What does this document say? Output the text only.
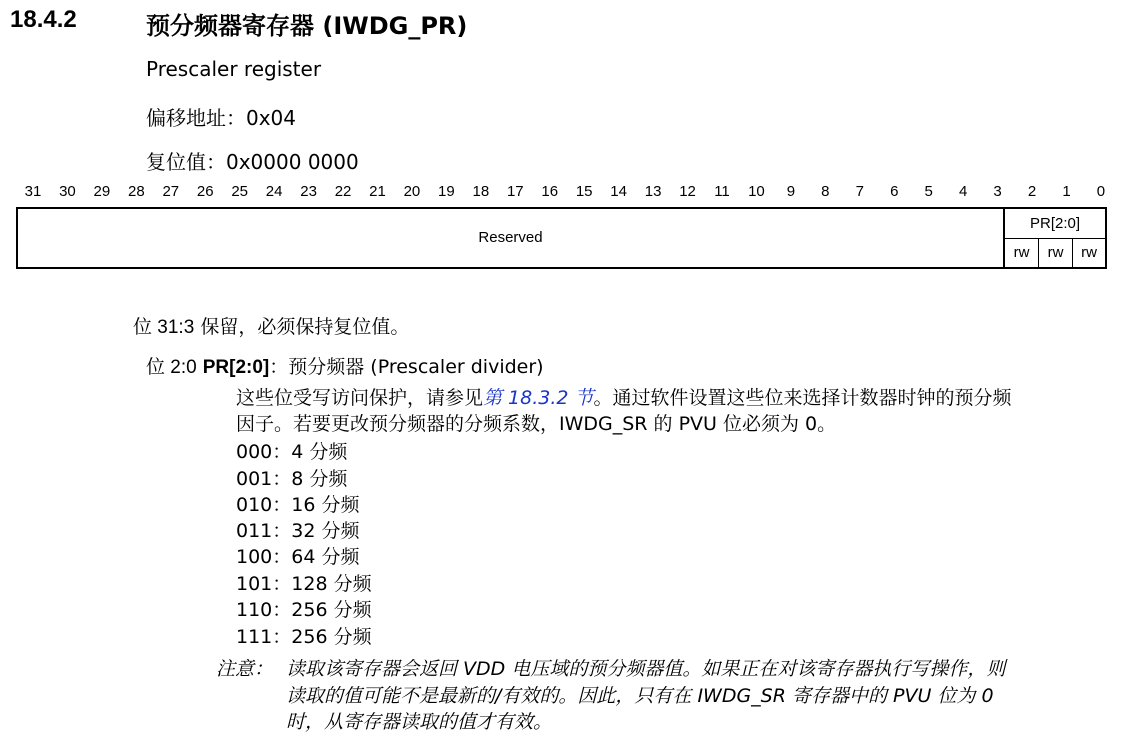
18.4.2	预分频器寄存器 (IWDG_PR)
Prescaler register
偏移地址：0x04
复位值：0x0000 0000
31	30	29	28	27	26	25	24	23	22	21	20	19	18	17	16	15	14	13	12	11	10	9	8	7	6	5	4	3	2	1	0
Reserved
PR[2:0]
rw	rw	rw
位 31:3 保留，必须保持复位值。
位 2:0 PR[2:0]：预分频器 (Prescaler divider)
这些位受写访问保护，请参见第 18.3.2 节。通过软件设置这些位来选择计数器时钟的预分频
因子。若要更改预分频器的分频系数，IWDG_SR 的 PVU 位必须为 0。
000：4 分频
001：8 分频
010：16 分频
011：32 分频
100：64 分频
101：128 分频
110：256 分频
111：256 分频
注意： 读取该寄存器会返回 VDD 电压域的预分频器值。如果正在对该寄存器执行写操作，则
读取的值可能不是最新的/有效的。因此，只有在 IWDG_SR 寄存器中的 PVU 位为 0
时，从寄存器读取的值才有效。
